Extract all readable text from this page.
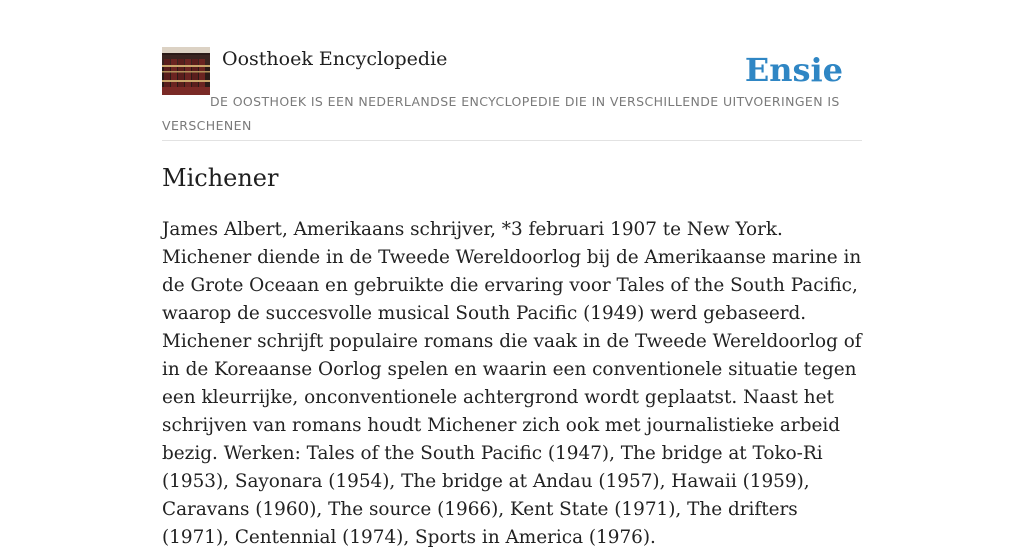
Oosthoek Encyclopedie	Ensie
DE OOSTHOEK IS EEN NEDERLANDSE ENCYCLOPEDIE DIE IN VERSCHILLENDE UITVOERINGEN IS VERSCHENEN
Michener

James Albert, Amerikaans schrijver, *3 februari 1907 te New York. Michener diende in de Tweede Wereldoorlog bij de Amerikaanse marine in de Grote Oceaan en gebruikte die ervaring voor Tales of the South Pacific, waarop de succesvolle musical South Pacific (1949) werd gebaseerd. Michener schrijft populaire romans die vaak in de Tweede Wereldoorlog of in de Koreaanse Oorlog spelen en waarin een conventionele situatie tegen een kleurrijke, onconventionele achtergrond wordt geplaatst. Naast het schrijven van romans houdt Michener zich ook met journalistieke arbeid bezig. Werken: Tales of the South Pacific (1947), The bridge at Toko-Ri (1953), Sayonara (1954), The bridge at Andau (1957), Hawaii (1959), Caravans (1960), The source (1966), Kent State (1971), The drifters (1971), Centennial (1974), Sports in America (1976).
